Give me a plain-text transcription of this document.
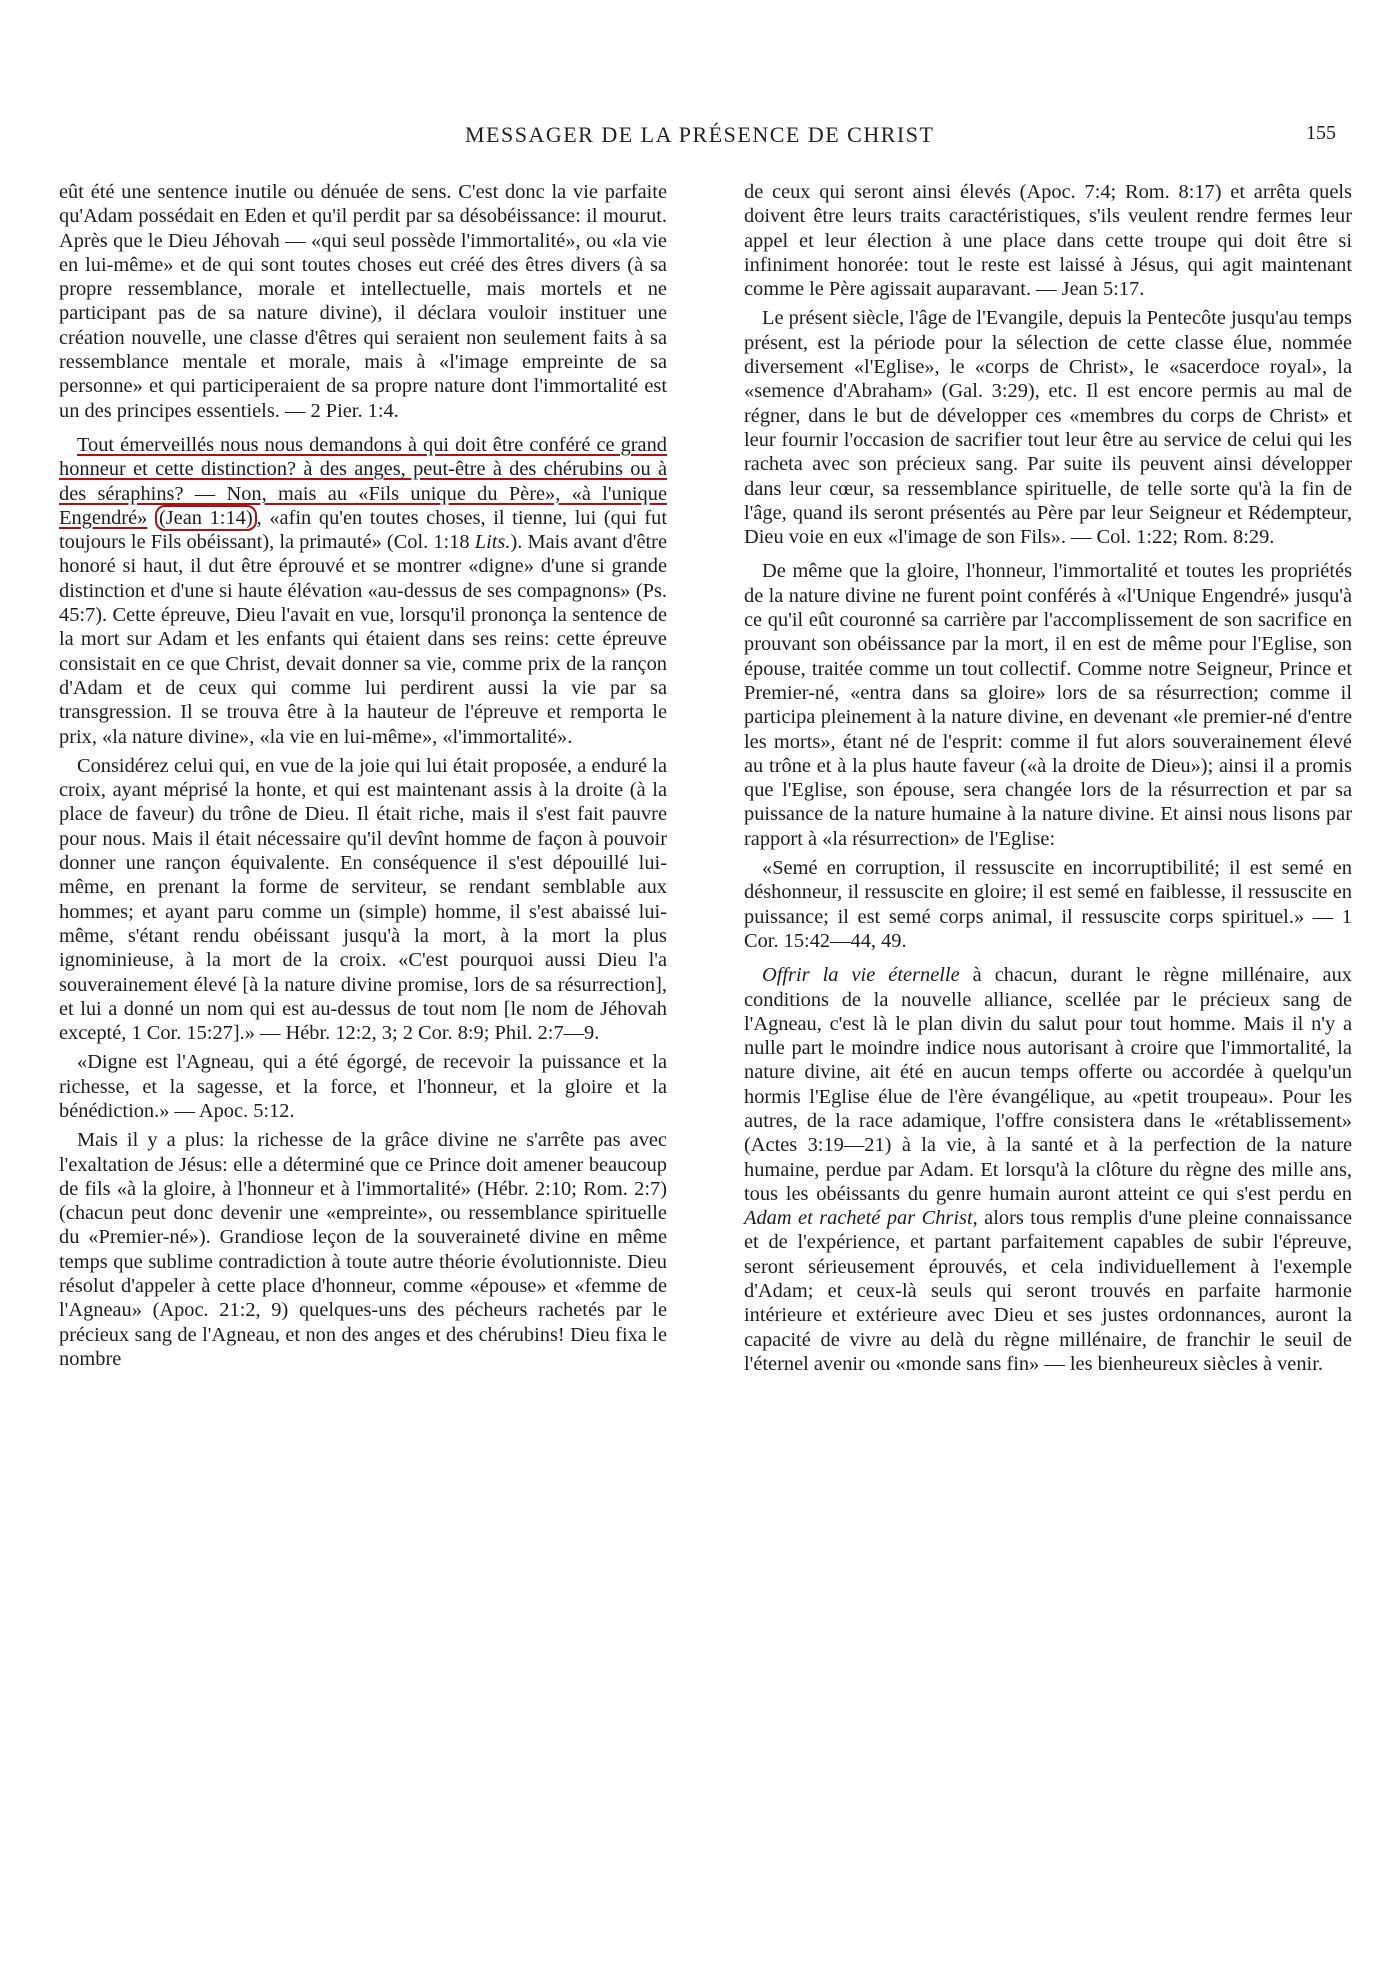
MESSAGER DE LA PRÉSENCE DE CHRIST	155

eût été une sentence inutile ou dénuée de sens. C'est donc la vie parfaite qu'Adam possédait en Eden et qu'il perdit par sa désobéissance: il mourut. Après que le Dieu Jéhovah — «qui seul possède l'immortalité», ou «la vie en lui-même» et de qui sont toutes choses eut créé des êtres divers (à sa propre ressemblance, morale et intellectuelle, mais mortels et ne participant pas de sa nature divine), il déclara vouloir instituer une création nouvelle, une classe d'êtres qui seraient non seulement faits à sa ressemblance mentale et morale, mais à «l'image empreinte de sa personne» et qui participeraient de sa propre nature dont l'immortalité est un des principes essentiels. — 2 Pier. 1:4.

Tout émerveillés nous nous demandons à qui doit être conféré ce grand honneur et cette distinction? à des anges, peut-être à des chérubins ou à des séraphins? — Non, mais au «Fils unique du Père», «à l'unique Engendré» (Jean 1:14) , «afin qu'en toutes choses, il tienne, lui (qui fut toujours le Fils obéissant), la primauté» (Col. 1:18 Lits.). Mais avant d'être honoré si haut, il dut être éprouvé et se montrer «digne» d'une si grande distinction et d'une si haute élévation «au-dessus de ses compagnons» (Ps. 45:7). Cette épreuve, Dieu l'avait en vue, lorsqu'il prononça la sentence de la mort sur Adam et les enfants qui étaient dans ses reins: cette épreuve consistait en ce que Christ, devait donner sa vie, comme prix de la rançon d'Adam et de ceux qui comme lui perdirent aussi la vie par sa transgression. Il se trouva être à la hauteur de l'épreuve et remporta le prix, «la nature divine», «la vie en lui-même», «l'immortalité».

Considérez celui qui, en vue de la joie qui lui était proposée, a enduré la croix, ayant méprisé la honte, et qui est maintenant assis à la droite (à la place de faveur) du trône de Dieu. Il était riche, mais il s'est fait pauvre pour nous. Mais il était nécessaire qu'il devînt homme de façon à pouvoir donner une rançon équivalente. En conséquence il s'est dépouillé lui-même, en prenant la forme de serviteur, se rendant semblable aux hommes; et ayant paru comme un (simple) homme, il s'est abaissé lui-même, s'étant rendu obéissant jusqu'à la mort, à la mort la plus ignominieuse, à la mort de la croix. «C'est pourquoi aussi Dieu l'a souverainement élevé [à la nature divine promise, lors de sa résurrection], et lui a donné un nom qui est au-dessus de tout nom [le nom de Jéhovah excepté, 1 Cor. 15:27].» — Hébr. 12:2, 3; 2 Cor. 8:9; Phil. 2:7—9.

«Digne est l'Agneau, qui a été égorgé, de recevoir la puissance et la richesse, et la sagesse, et la force, et l'honneur, et la gloire et la bénédiction.» — Apoc. 5:12.

Mais il y a plus: la richesse de la grâce divine ne s'arrête pas avec l'exaltation de Jésus: elle a déterminé que ce Prince doit amener beaucoup de fils «à la gloire, à l'honneur et à l'immortalité» (Hébr. 2:10; Rom. 2:7) (chacun peut donc devenir une «empreinte», ou ressemblance spirituelle du «Premier-né»). Grandiose leçon de la souveraineté divine en même temps que sublime contradiction à toute autre théorie évolutionniste. Dieu résolut d'appeler à cette place d'honneur, comme «épouse» et «femme de l'Agneau» (Apoc. 21:2, 9) quelques-uns des pécheurs rachetés par le précieux sang de l'Agneau, et non des anges et des chérubins! Dieu fixa le nombre

de ceux qui seront ainsi élevés (Apoc. 7:4; Rom. 8:17) et arrêta quels doivent être leurs traits caractéristiques, s'ils veulent rendre fermes leur appel et leur élection à une place dans cette troupe qui doit être si infiniment honorée: tout le reste est laissé à Jésus, qui agit maintenant comme le Père agissait auparavant. — Jean 5:17.

Le présent siècle, l'âge de l'Evangile, depuis la Pentecôte jusqu'au temps présent, est la période pour la sélection de cette classe élue, nommée diversement «l'Eglise», le «corps de Christ», le «sacerdoce royal», la «semence d'Abraham» (Gal. 3:29), etc. Il est encore permis au mal de régner, dans le but de développer ces «membres du corps de Christ» et leur fournir l'occasion de sacrifier tout leur être au service de celui qui les racheta avec son précieux sang. Par suite ils peuvent ainsi développer dans leur cœur, sa ressemblance spirituelle, de telle sorte qu'à la fin de l'âge, quand ils seront présentés au Père par leur Seigneur et Rédempteur, Dieu voie en eux «l'image de son Fils». — Col. 1:22; Rom. 8:29.

De même que la gloire, l'honneur, l'immortalité et toutes les propriétés de la nature divine ne furent point conférés à «l'Unique Engendré» jusqu'à ce qu'il eût couronné sa carrière par l'accomplissement de son sacrifice en prouvant son obéissance par la mort, il en est de même pour l'Eglise, son épouse, traitée comme un tout collectif. Comme notre Seigneur, Prince et Premier-né, «entra dans sa gloire» lors de sa résurrection; comme il participa pleinement à la nature divine, en devenant «le premier-né d'entre les morts», étant né de l'esprit: comme il fut alors souverainement élevé au trône et à la plus haute faveur («à la droite de Dieu»); ainsi il a promis que l'Eglise, son épouse, sera changée lors de la résurrection et par sa puissance de la nature humaine à la nature divine. Et ainsi nous lisons par rapport à «la résurrection» de l'Eglise:

«Semé en corruption, il ressuscite en incorruptibilité; il est semé en déshonneur, il ressuscite en gloire; il est semé en faiblesse, il ressuscite en puissance; il est semé corps animal, il ressuscite corps spirituel.» — 1 Cor. 15:42—44, 49.

Offrir la vie éternelle à chacun, durant le règne millénaire, aux conditions de la nouvelle alliance, scellée par le précieux sang de l'Agneau, c'est là le plan divin du salut pour tout homme. Mais il n'y a nulle part le moindre indice nous autorisant à croire que l'immortalité, la nature divine, ait été en aucun temps offerte ou accordée à quelqu'un hormis l'Eglise élue de l'ère évangélique, au «petit troupeau». Pour les autres, de la race adamique, l'offre consistera dans le «rétablissement» (Actes 3:19—21) à la vie, à la santé et à la perfection de la nature humaine, perdue par Adam. Et lorsqu'à la clôture du règne des mille ans, tous les obéissants du genre humain auront atteint ce qui s'est perdu en Adam et racheté par Christ, alors tous remplis d'une pleine connaissance et de l'expérience, et partant parfaitement capables de subir l'épreuve, seront sérieusement éprouvés, et cela individuellement à l'exemple d'Adam; et ceux-là seuls qui seront trouvés en parfaite harmonie intérieure et extérieure avec Dieu et ses justes ordonnances, auront la capacité de vivre au delà du règne millénaire, de franchir le seuil de l'éternel avenir ou «monde sans fin» — les bienheureux siècles à venir.
